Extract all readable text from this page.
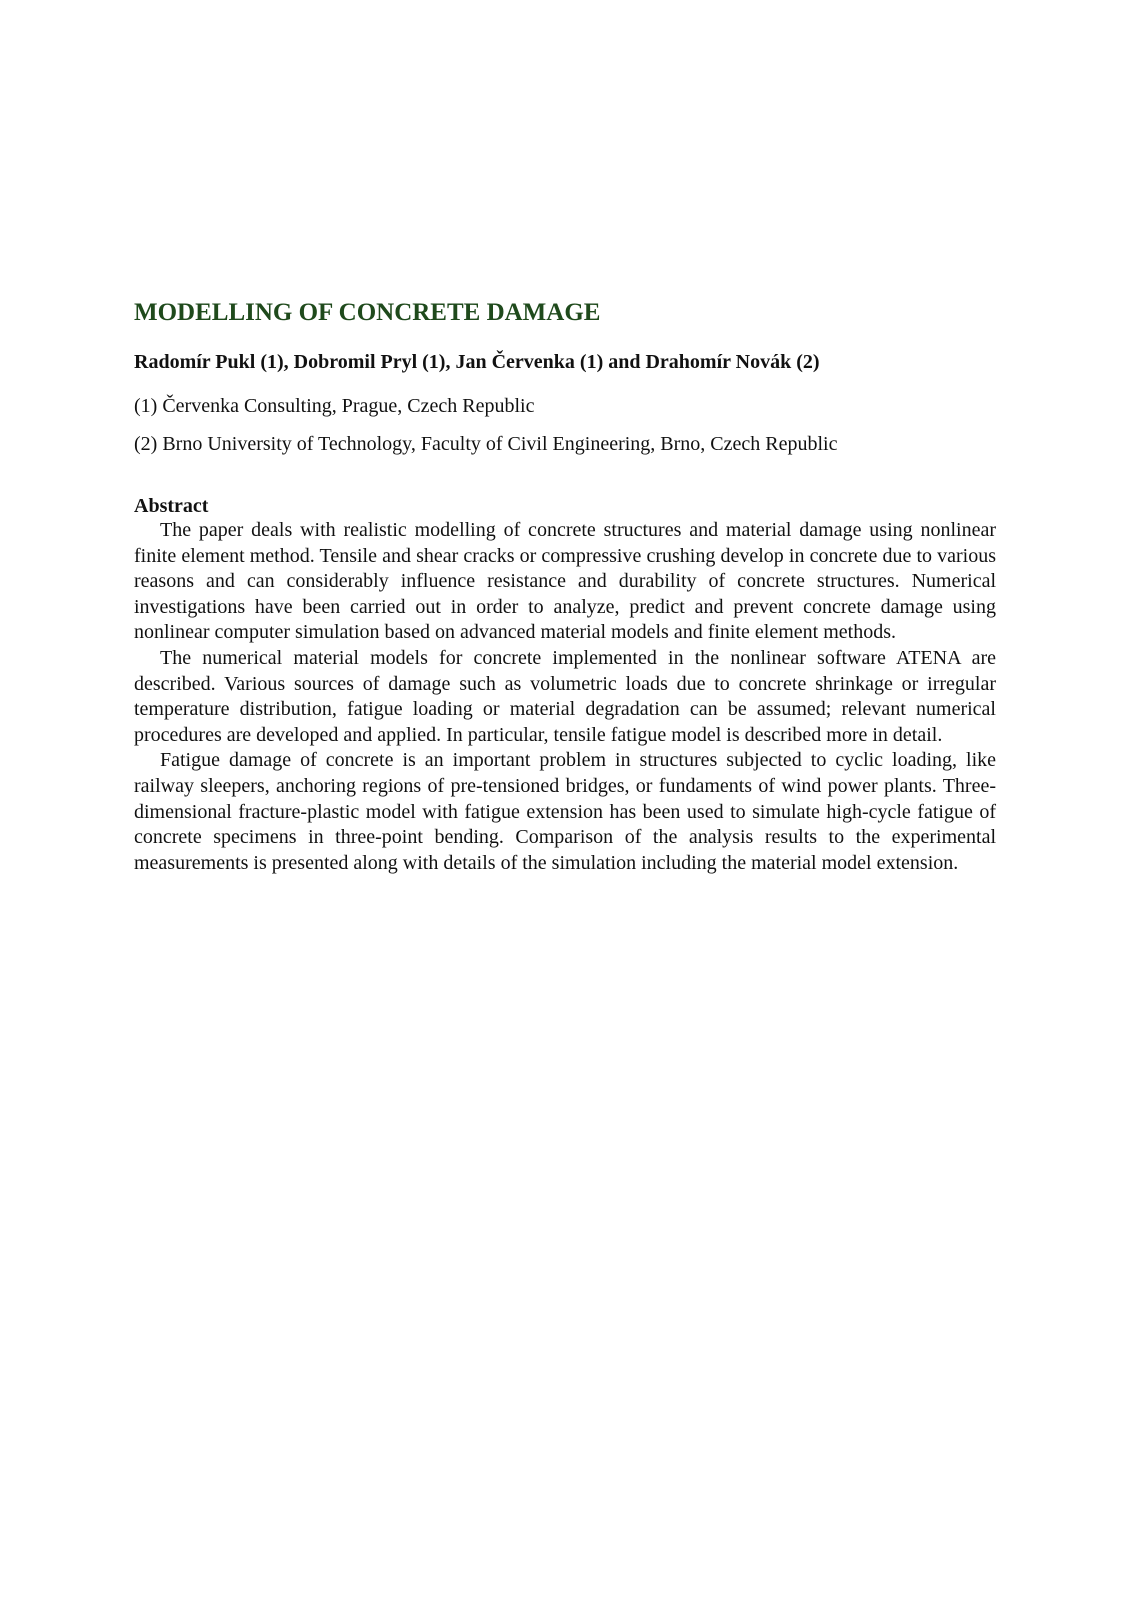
MODELLING OF CONCRETE DAMAGE

Radomír Pukl (1), Dobromil Pryl (1), Jan Červenka (1) and Drahomír Novák (2)

(1) Červenka Consulting, Prague, Czech Republic

(2) Brno University of Technology, Faculty of Civil Engineering, Brno, Czech Republic

Abstract

The paper deals with realistic modelling of concrete structures and material damage using nonlinear finite element method. Tensile and shear cracks or compressive crushing develop in concrete due to various reasons and can considerably influence resistance and durability of concrete structures. Numerical investigations have been carried out in order to analyze, predict and prevent concrete damage using nonlinear computer simulation based on advanced material models and finite element methods.

The numerical material models for concrete implemented in the nonlinear software ATENA are described. Various sources of damage such as volumetric loads due to concrete shrinkage or irregular temperature distribution, fatigue loading or material degradation can be assumed; relevant numerical procedures are developed and applied. In particular, tensile fatigue model is described more in detail.

Fatigue damage of concrete is an important problem in structures subjected to cyclic loading, like railway sleepers, anchoring regions of pre-tensioned bridges, or fundaments of wind power plants. Three-dimensional fracture-plastic model with fatigue extension has been used to simulate high-cycle fatigue of concrete specimens in three-point bending. Comparison of the analysis results to the experimental measurements is presented along with details of the simulation including the material model extension.
